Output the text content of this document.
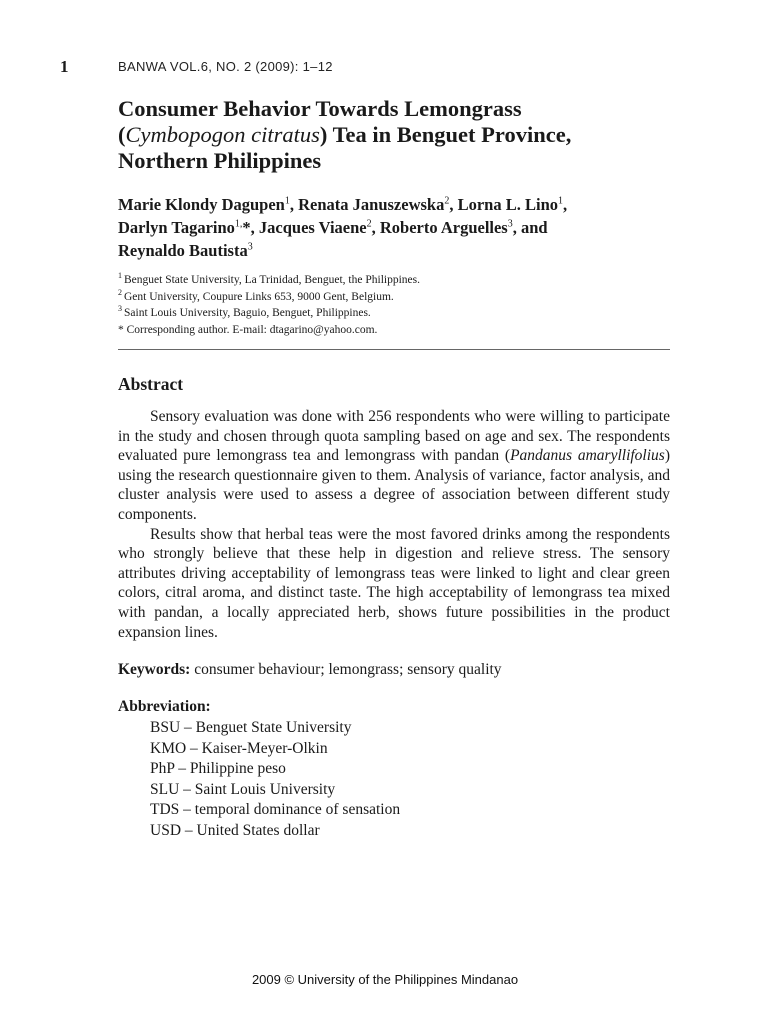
1	BANWA VOL.6, NO. 2 (2009): 1–12
Consumer Behavior Towards Lemongrass
(Cymbopogon citratus) Tea in Benguet Province,
Northern Philippines
Marie Klondy Dagupen$^1$, Renata Januszewska$^2$, Lorna L. Lino$^1$,
Darlyn Tagarino$^{1,}$*, Jacques Viaene$^2$, Roberto Arguelles$^3$, and
Reynaldo Bautista$^3$
$^1$ Benguet State University, La Trinidad, Benguet, the Philippines.
$^2$ Gent University, Coupure Links 653, 9000 Gent, Belgium.
$^3$ Saint Louis University, Baguio, Benguet, Philippines.
* Corresponding author. E-mail: dtagarino@yahoo.com.
Abstract

Sensory evaluation was done with 256 respondents who were willing to participate in the study and chosen through quota sampling based on age and sex. The respondents evaluated pure lemongrass tea and lemongrass with pandan (Pandanus amaryllifolius) using the research questionnaire given to them. Analysis of variance, factor analysis, and cluster analysis were used to assess a degree of association between different study components.

Results show that herbal teas were the most favored drinks among the respondents who strongly believe that these help in digestion and relieve stress. The sensory attributes driving acceptability of lemongrass teas were linked to light and clear green colors, citral aroma, and distinct taste. The high acceptability of lemongrass tea mixed with pandan, a locally appreciated herb, shows future possibilities in the product expansion lines.

Keywords: consumer behaviour; lemongrass; sensory quality
Abbreviation:
BSU – Benguet State University
KMO – Kaiser-Meyer-Olkin
PhP – Philippine peso
SLU – Saint Louis University
TDS – temporal dominance of sensation
USD – United States dollar
2009 © University of the Philippines Mindanao
